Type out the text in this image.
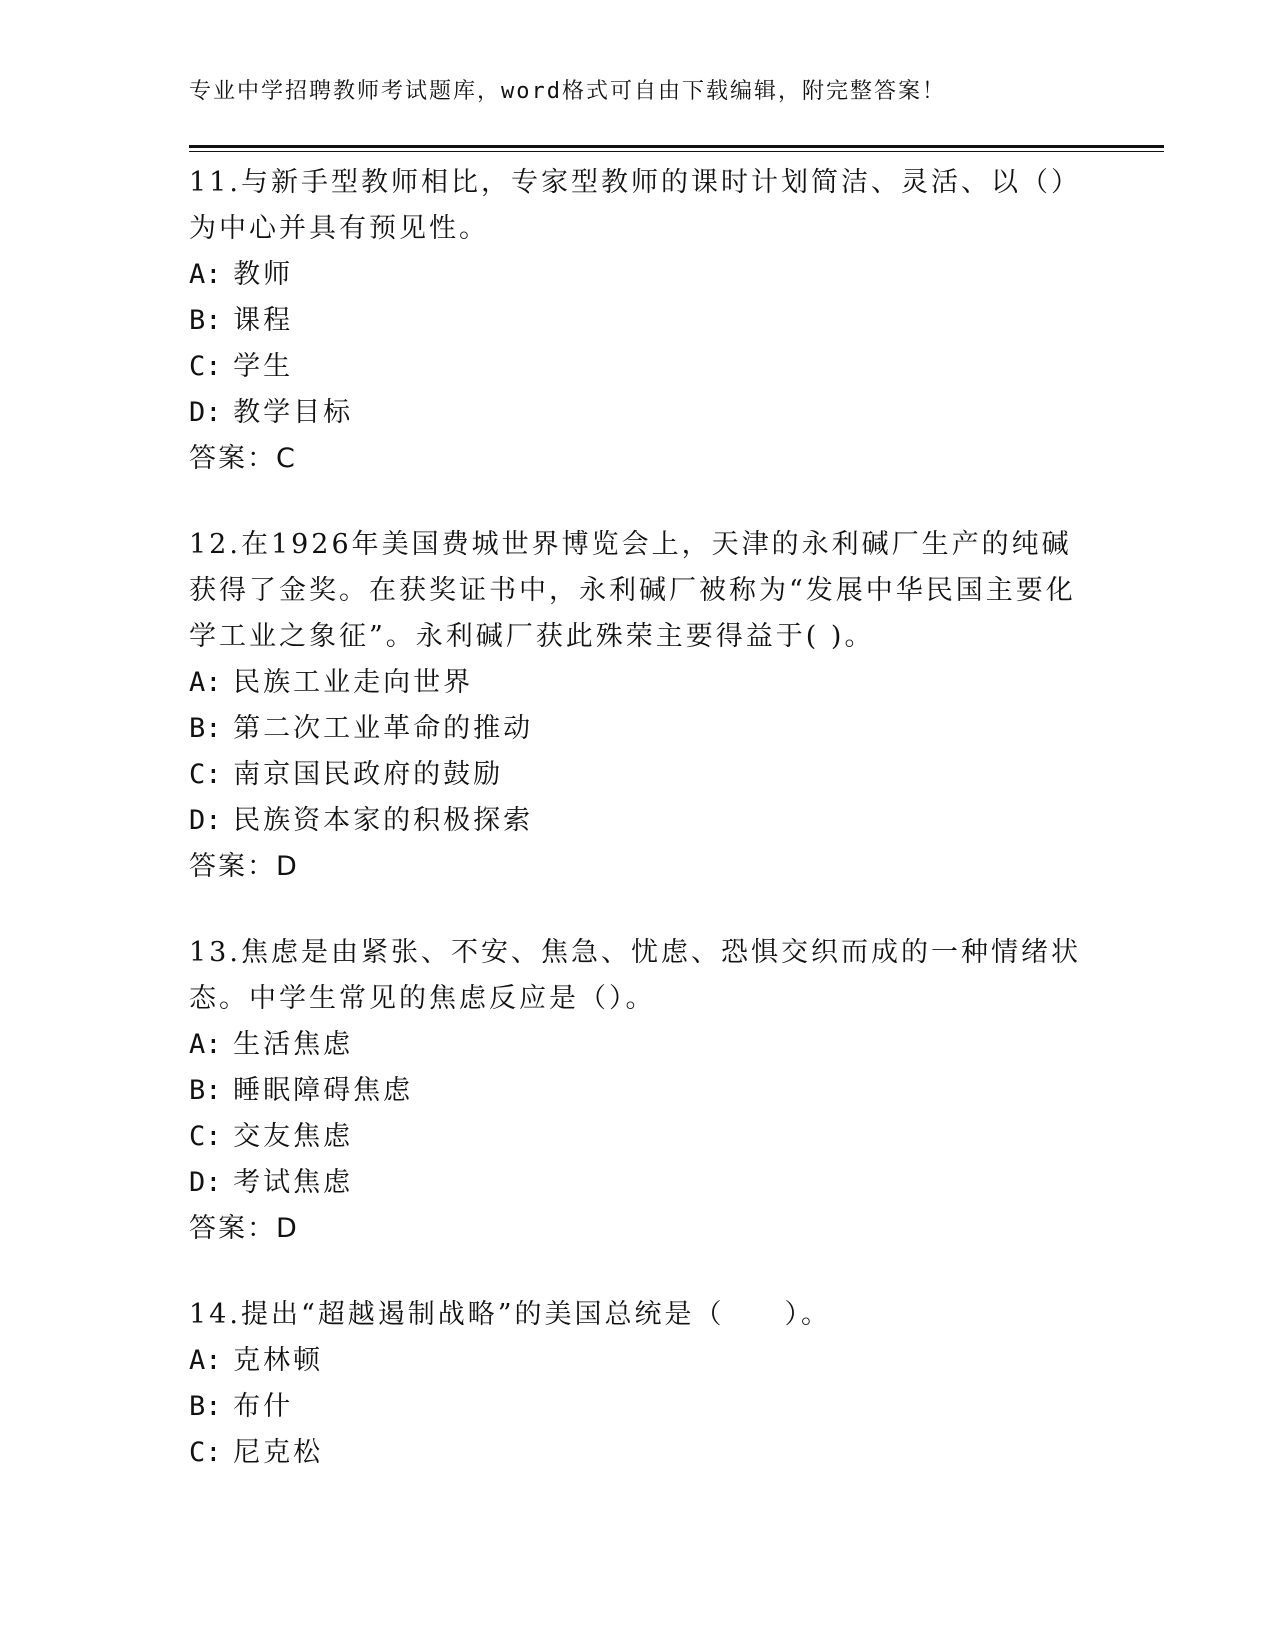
专业中学招聘教师考试题库，word格式可自由下载编辑，附完整答案！
11.与新手型教师相比，专家型教师的课时计划简洁、灵活、以（）为中心并具有预见性。
A: 教师
B: 课程
C: 学生
D: 教学目标
答案：C
12.在1926年美国费城世界博览会上，天津的永利碱厂生产的纯碱获得了金奖。在获奖证书中，永利碱厂被称为“发展中华民国主要化学工业之象征”。永利碱厂获此殊荣主要得益于( )。
A: 民族工业走向世界
B: 第二次工业革命的推动
C: 南京国民政府的鼓励
D: 民族资本家的积极探索
答案：D
13.焦虑是由紧张、不安、焦急、忧虑、恐惧交织而成的一种情绪状态。中学生常见的焦虑反应是（）。
A: 生活焦虑
B: 睡眠障碍焦虑
C: 交友焦虑
D: 考试焦虑
答案：D
14.提出“超越遏制战略”的美国总统是（　　）。
A: 克林顿
B: 布什
C: 尼克松
